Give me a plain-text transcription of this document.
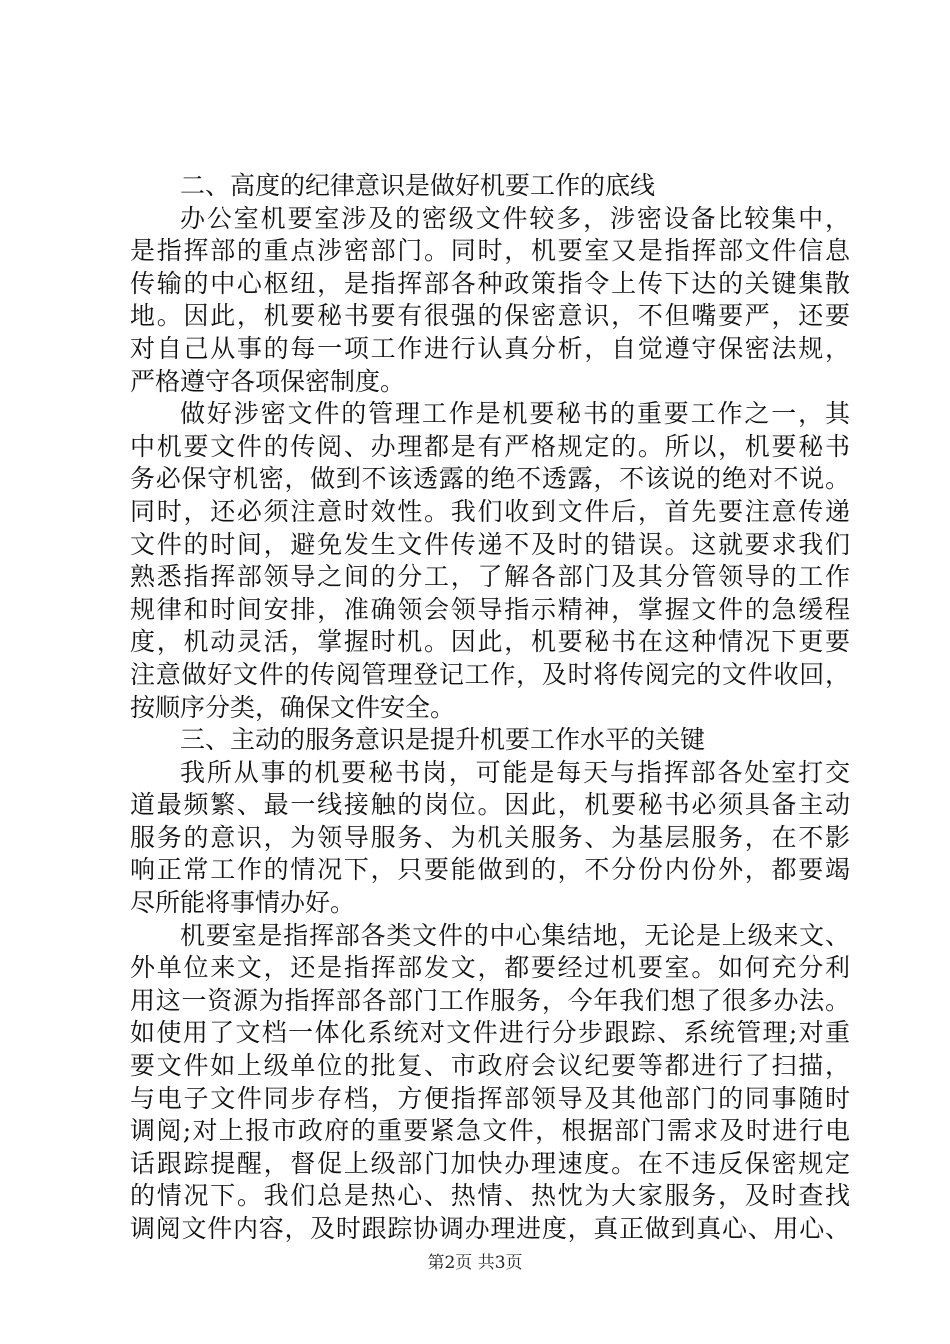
二、高度的纪律意识是做好机要工作的底线
办公室机要室涉及的密级文件较多，涉密设备比较集中，
是指挥部的重点涉密部门。同时，机要室又是指挥部文件信息
传输的中心枢纽，是指挥部各种政策指令上传下达的关键集散
地。因此，机要秘书要有很强的保密意识，不但嘴要严，还要
对自己从事的每一项工作进行认真分析，自觉遵守保密法规，
严格遵守各项保密制度。
做好涉密文件的管理工作是机要秘书的重要工作之一，其
中机要文件的传阅、办理都是有严格规定的。所以，机要秘书
务必保守机密，做到不该透露的绝不透露，不该说的绝对不说。
同时，还必须注意时效性。我们收到文件后，首先要注意传递
文件的时间，避免发生文件传递不及时的错误。这就要求我们
熟悉指挥部领导之间的分工，了解各部门及其分管领导的工作
规律和时间安排，准确领会领导指示精神，掌握文件的急缓程
度，机动灵活，掌握时机。因此，机要秘书在这种情况下更要
注意做好文件的传阅管理登记工作，及时将传阅完的文件收回，
按顺序分类，确保文件安全。
三、主动的服务意识是提升机要工作水平的关键
我所从事的机要秘书岗，可能是每天与指挥部各处室打交
道最频繁、最一线接触的岗位。因此，机要秘书必须具备主动
服务的意识，为领导服务、为机关服务、为基层服务，在不影
响正常工作的情况下，只要能做到的，不分份内份外，都要竭
尽所能将事情办好。
机要室是指挥部各类文件的中心集结地，无论是上级来文、
外单位来文，还是指挥部发文，都要经过机要室。如何充分利
用这一资源为指挥部各部门工作服务，今年我们想了很多办法。
如使用了文档一体化系统对文件进行分步跟踪、系统管理;对重
要文件如上级单位的批复、市政府会议纪要等都进行了扫描，
与电子文件同步存档，方便指挥部领导及其他部门的同事随时
调阅;对上报市政府的重要紧急文件，根据部门需求及时进行电
话跟踪提醒，督促上级部门加快办理速度。在不违反保密规定
的情况下。我们总是热心、热情、热忱为大家服务，及时查找
调阅文件内容，及时跟踪协调办理进度，真正做到真心、用心、
第2页 共3页
